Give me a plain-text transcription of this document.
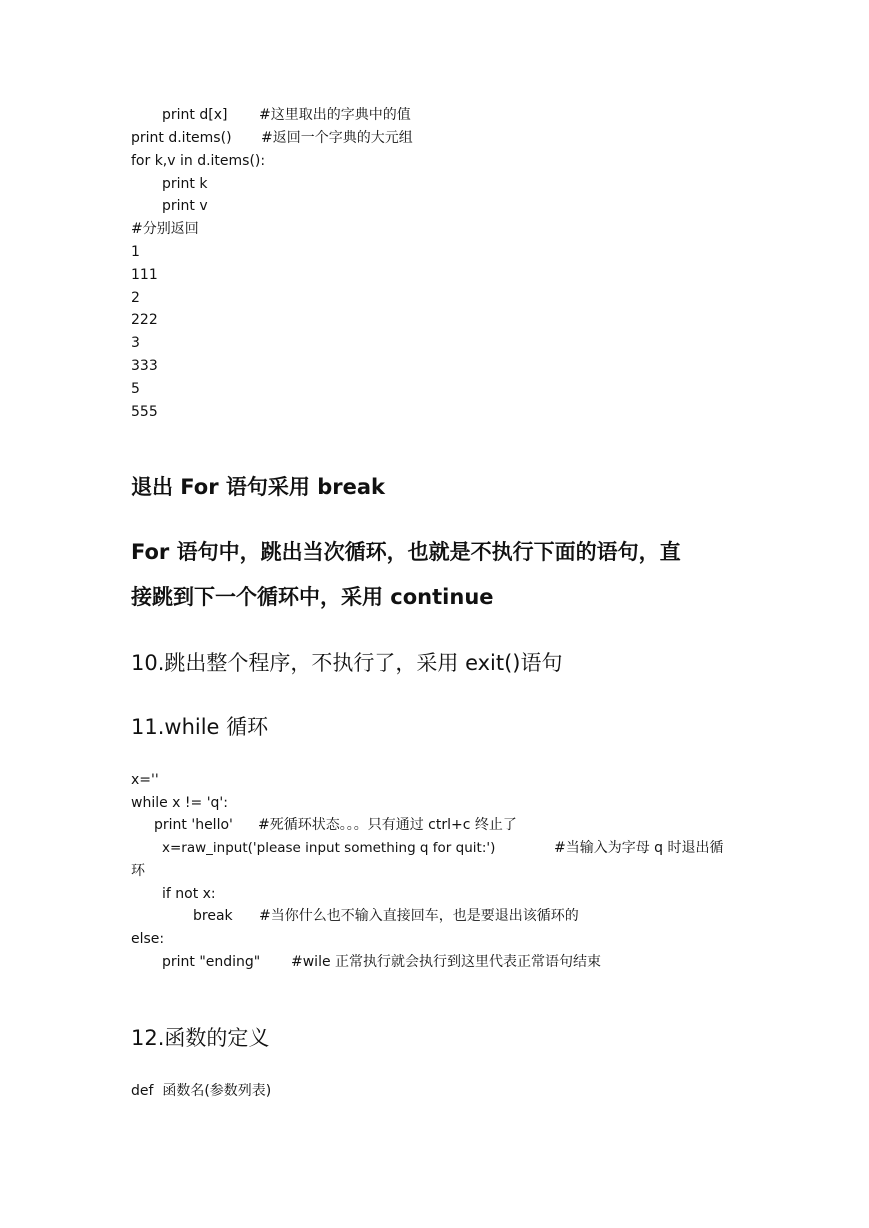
print d[x] #这里取出的字典中的值
print d.items() #返回一个字典的大元组
for k,v in d.items():
print k
print v
#分别返回
1
111
2
222
3
333
5
555
退出 For 语句采用 break
For 语句中，跳出当次循环，也就是不执行下面的语句，直
接跳到下一个循环中，采用 continue
10.跳出整个程序，不执行了，采用 exit()语句
11.while 循环
x=''
while x != 'q':
print 'hello' #死循环状态。。。只有通过 ctrl+c 终止了
x=raw_input('please input something q for quit:')	#当输入为字母 q 时退出循
环
if not x:
break #当你什么也不输入直接回车，也是要退出该循环的
else:
print "ending" #wile 正常执行就会执行到这里代表正常语句结束
12.函数的定义
def  函数名(参数列表)
